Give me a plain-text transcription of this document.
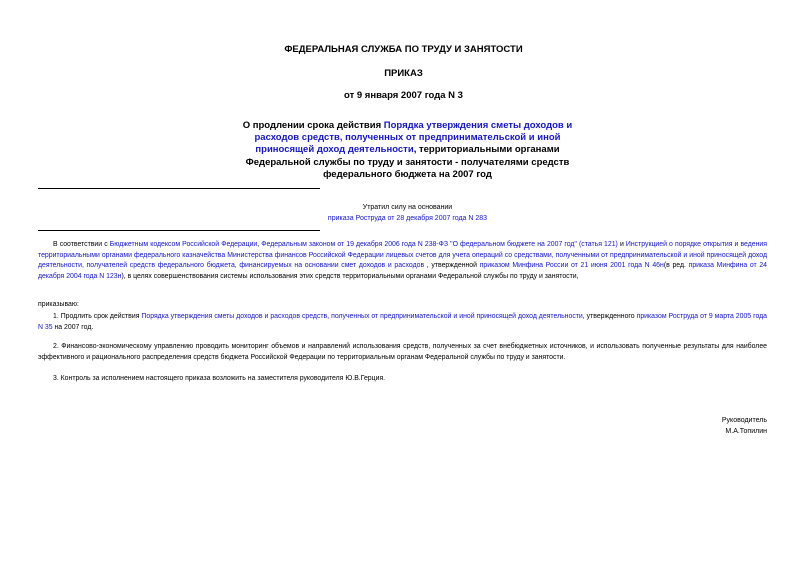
ФЕДЕРАЛЬНАЯ СЛУЖБА ПО ТРУДУ И ЗАНЯТОСТИ
ПРИКАЗ
от 9 января 2007 года N 3
О продлении срока действия Порядка утверждения сметы доходов и расходов средств, полученных от предпринимательской и иной приносящей доход деятельности, территориальными органами Федеральной службы по труду и занятости - получателями средств федерального бюджета на 2007 год
Утратил силу на основании
приказа Роструда от 28 декабря 2007 года N 283
В соответствии с Бюджетным кодексом Российской Федерации, Федеральным законом от 19 декабря 2006 года N 238-ФЗ "О федеральном бюджете на 2007 год" (статья 121) и Инструкцией о порядке открытия и ведения территориальными органами федерального казначейства Министерства финансов Российской Федерации лицевых счетов для учета операций со средствами, полученными от предпринимательской и иной приносящей доход деятельности, получателей средств федерального бюджета, финансируемых на основании смет доходов и расходов , утвержденной приказом Минфина России от 21 июня 2001 года N 46н(в ред. приказа Минфина от 24 декабря 2004 года N 123н), в целях совершенствования системы использования этих средств территориальными органами Федеральной службы по труду и занятости,
приказываю:
1. Продлить срок действия Порядка утверждения сметы доходов и расходов средств, полученных от предпринимательской и иной приносящей доход деятельности, утвержденного приказом Роструда от 9 марта 2005 года N 35 на 2007 год.
2. Финансово-экономическому управлению проводить мониторинг объемов и направлений использования средств, полученных за счет внебюджетных источников, и использовать полученные результаты для наиболее эффективного и рационального распределения средств бюджета Российской Федерации по территориальным органам Федеральной службы по труду и занятости.
3. Контроль за исполнением настоящего приказа возложить на заместителя руководителя Ю.В.Герция.
Руководитель
М.А.Топилин
